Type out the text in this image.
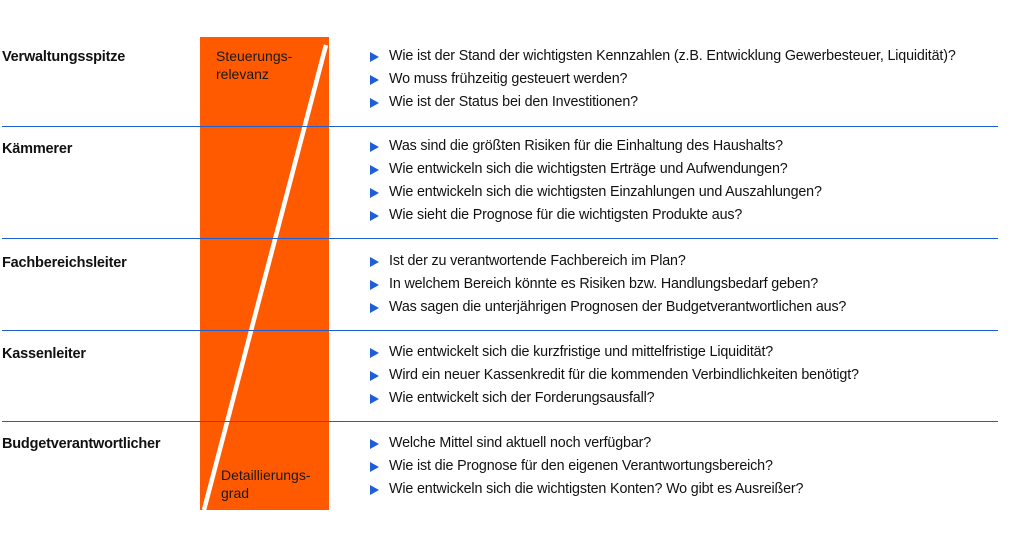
Steuerungs-
relevanz
Detaillierungs-
grad
Verwaltungsspitze	Wie ist der Stand der wichtigsten Kennzahlen (z.B. Entwicklung Gewerbesteuer, Liquidität)?
Wo muss frühzeitig gesteuert werden?
Wie ist der Status bei den Investitionen?
Kämmerer	Was sind die größten Risiken für die Einhaltung des Haushalts?
Wie entwickeln sich die wichtigsten Erträge und Aufwendungen?
Wie entwickeln sich die wichtigsten Einzahlungen und Auszahlungen?
Wie sieht die Prognose für die wichtigsten Produkte aus?
Fachbereichsleiter	Ist der zu verantwortende Fachbereich im Plan?
In welchem Bereich könnte es Risiken bzw. Handlungsbedarf geben?
Was sagen die unterjährigen Prognosen der Budgetverantwortlichen aus?
Kassenleiter	Wie entwickelt sich die kurzfristige und mittelfristige Liquidität?
Wird ein neuer Kassenkredit für die kommenden Verbindlichkeiten benötigt?
Wie entwickelt sich der Forderungsausfall?
Budgetverantwortlicher	Welche Mittel sind aktuell noch verfügbar?
Wie ist die Prognose für den eigenen Verantwortungsbereich?
Wie entwickeln sich die wichtigsten Konten? Wo gibt es Ausreißer?
